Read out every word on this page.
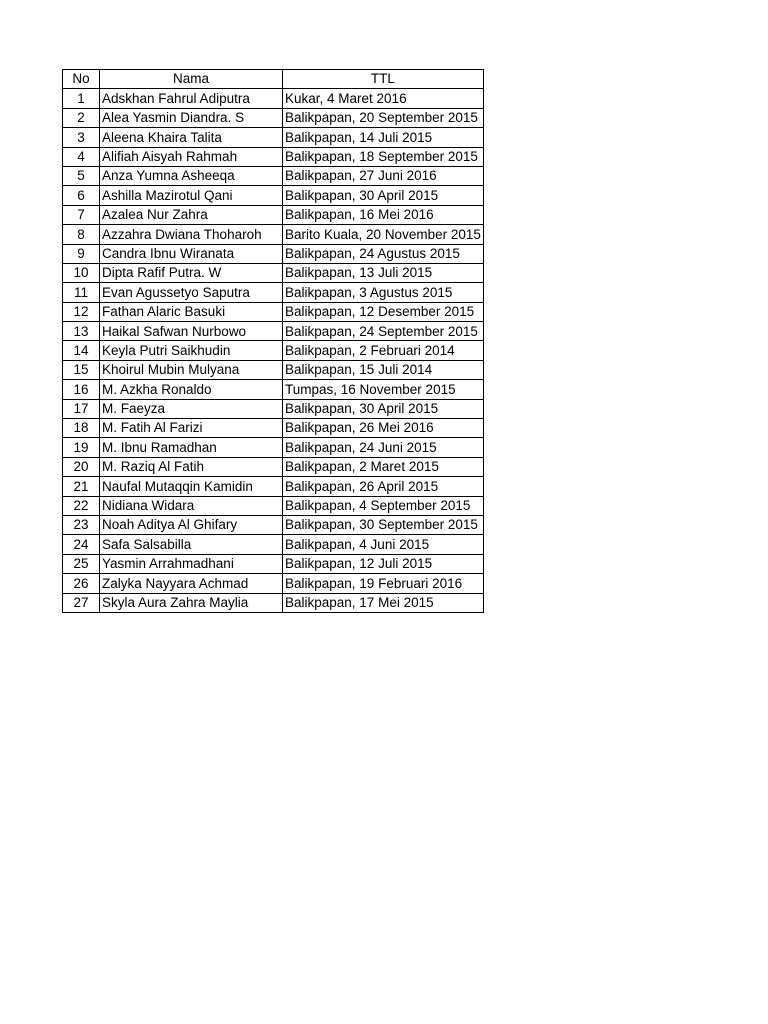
No	Nama	TTL
1	Adskhan Fahrul Adiputra	Kukar, 4 Maret 2016
2	Alea Yasmin Diandra. S	Balikpapan, 20 September 2015
3	Aleena Khaira Talita	Balikpapan, 14 Juli 2015
4	Alifiah Aisyah Rahmah	Balikpapan, 18 September 2015
5	Anza Yumna Asheeqa	Balikpapan, 27 Juni 2016
6	Ashilla Mazirotul Qani	Balikpapan, 30 April 2015
7	Azalea Nur Zahra	Balikpapan, 16 Mei 2016
8	Azzahra Dwiana Thoharoh	Barito Kuala, 20 November 2015
9	Candra Ibnu Wiranata	Balikpapan, 24 Agustus 2015
10	Dipta Rafif Putra. W	Balikpapan, 13 Juli 2015
11	Evan Agussetyo Saputra	Balikpapan, 3 Agustus 2015
12	Fathan Alaric Basuki	Balikpapan, 12 Desember 2015
13	Haikal Safwan Nurbowo	Balikpapan, 24 September 2015
14	Keyla Putri Saikhudin	Balikpapan, 2 Februari 2014
15	Khoirul Mubin Mulyana	Balikpapan, 15 Juli 2014
16	M. Azkha Ronaldo	Tumpas, 16 November 2015
17	M. Faeyza	Balikpapan, 30 April 2015
18	M. Fatih Al Farizi	Balikpapan, 26 Mei 2016
19	M. Ibnu Ramadhan	Balikpapan, 24 Juni 2015
20	M. Raziq Al Fatih	Balikpapan, 2 Maret 2015
21	Naufal Mutaqqin Kamidin	Balikpapan, 26 April 2015
22	Nidiana Widara	Balikpapan, 4 September 2015
23	Noah Aditya Al Ghifary	Balikpapan, 30 September 2015
24	Safa Salsabilla	Balikpapan, 4 Juni 2015
25	Yasmin Arrahmadhani	Balikpapan, 12 Juli 2015
26	Zalyka Nayyara Achmad	Balikpapan, 19 Februari 2016
27	Skyla Aura Zahra Maylia	Balikpapan, 17 Mei 2015
